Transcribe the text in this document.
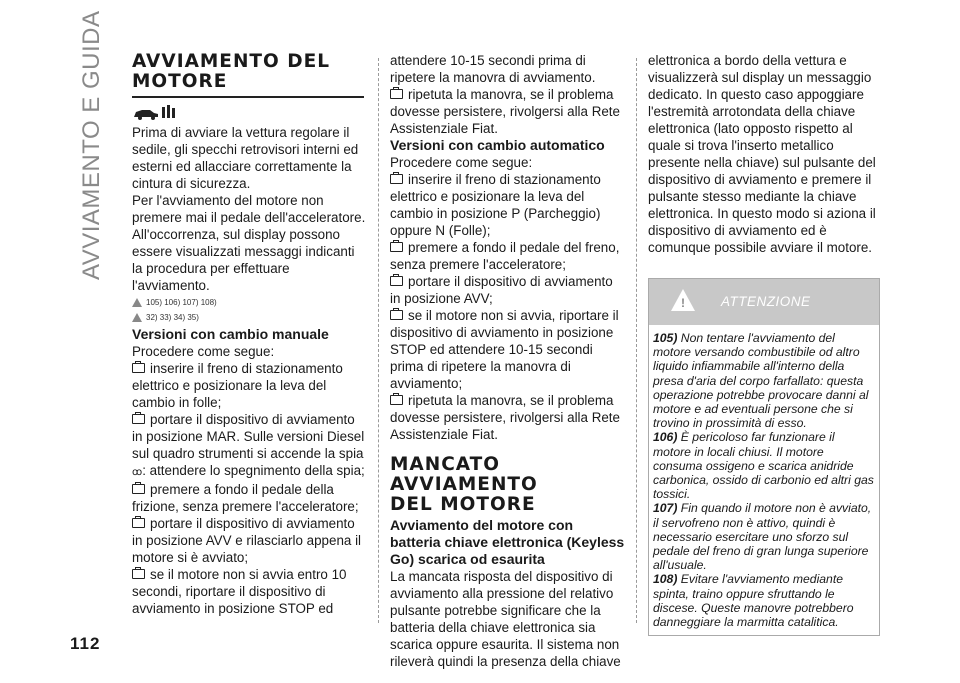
AVVIAMENTO E GUIDA
112
AVVIAMENTO DEL
MOTORE

Prima di avviare la vettura regolare il sedile, gli specchi retrovisori interni ed esterni ed allacciare correttamente la cintura di sicurezza.

Per l'avviamento del motore non premere mai il pedale dell'acceleratore. All'occorrenza, sul display possono essere visualizzati messaggi indicanti la procedura per effettuare l'avviamento.

105) 106) 107) 108)
32) 33) 34) 35)

Versioni con cambio manuale

Procedere come segue:

inserire il freno di stazionamento elettrico e posizionare la leva del cambio in folle;

portare il dispositivo di avviamento in posizione MAR. Sulle versioni Diesel sul quadro strumenti si accende la spia

ꝏ: attendere lo spegnimento della spia;

premere a fondo il pedale della frizione, senza premere l'acceleratore;

portare il dispositivo di avviamento in posizione AVV e rilasciarlo appena il motore si è avviato;

se il motore non si avvia entro 10 secondi, riportare il dispositivo di avviamento in posizione STOP ed

attendere 10-15 secondi prima di ripetere la manovra di avviamento.

ripetuta la manovra, se il problema dovesse persistere, rivolgersi alla Rete Assistenziale Fiat.

Versioni con cambio automatico

Procedere come segue:

inserire il freno di stazionamento elettrico e posizionare la leva del cambio in posizione P (Parcheggio) oppure N (Folle);

premere a fondo il pedale del freno, senza premere l'acceleratore;

portare il dispositivo di avviamento in posizione AVV;

se il motore non si avvia, riportare il dispositivo di avviamento in posizione STOP ed attendere 10-15 secondi prima di ripetere la manovra di avviamento;

ripetuta la manovra, se il problema dovesse persistere, rivolgersi alla Rete Assistenziale Fiat.

MANCATO AVVIAMENTO
DEL MOTORE

Avviamento del motore con batteria chiave elettronica (Keyless Go) scarica od esaurita

La mancata risposta del dispositivo di avviamento alla pressione del relativo pulsante potrebbe significare che la batteria della chiave elettronica sia scarica oppure esaurita. Il sistema non rileverà quindi la presenza della chiave

elettronica a bordo della vettura e visualizzerà sul display un messaggio dedicato. In questo caso appoggiare l'estremità arrotondata della chiave elettronica (lato opposto rispetto al quale si trova l'inserto metallico presente nella chiave) sul pulsante del dispositivo di avviamento e premere il pulsante stesso mediante la chiave elettronica. In questo modo si aziona il dispositivo di avviamento ed è comunque possibile avviare il motore.

!
ATTENZIONE

105) Non tentare l'avviamento del motore versando combustibile od altro liquido infiammabile all'interno della presa d'aria del corpo farfallato: questa operazione potrebbe provocare danni al motore e ad eventuali persone che si trovino in prossimità di esso.

106) È pericoloso far funzionare il motore in locali chiusi. Il motore consuma ossigeno e scarica anidride carbonica, ossido di carbonio ed altri gas tossici.

107) Fin quando il motore non è avviato, il servofreno non è attivo, quindi è necessario esercitare uno sforzo sul pedale del freno di gran lunga superiore all'usuale.

108) Evitare l'avviamento mediante spinta, traino oppure sfruttando le discese. Queste manovre potrebbero danneggiare la marmitta catalitica.
